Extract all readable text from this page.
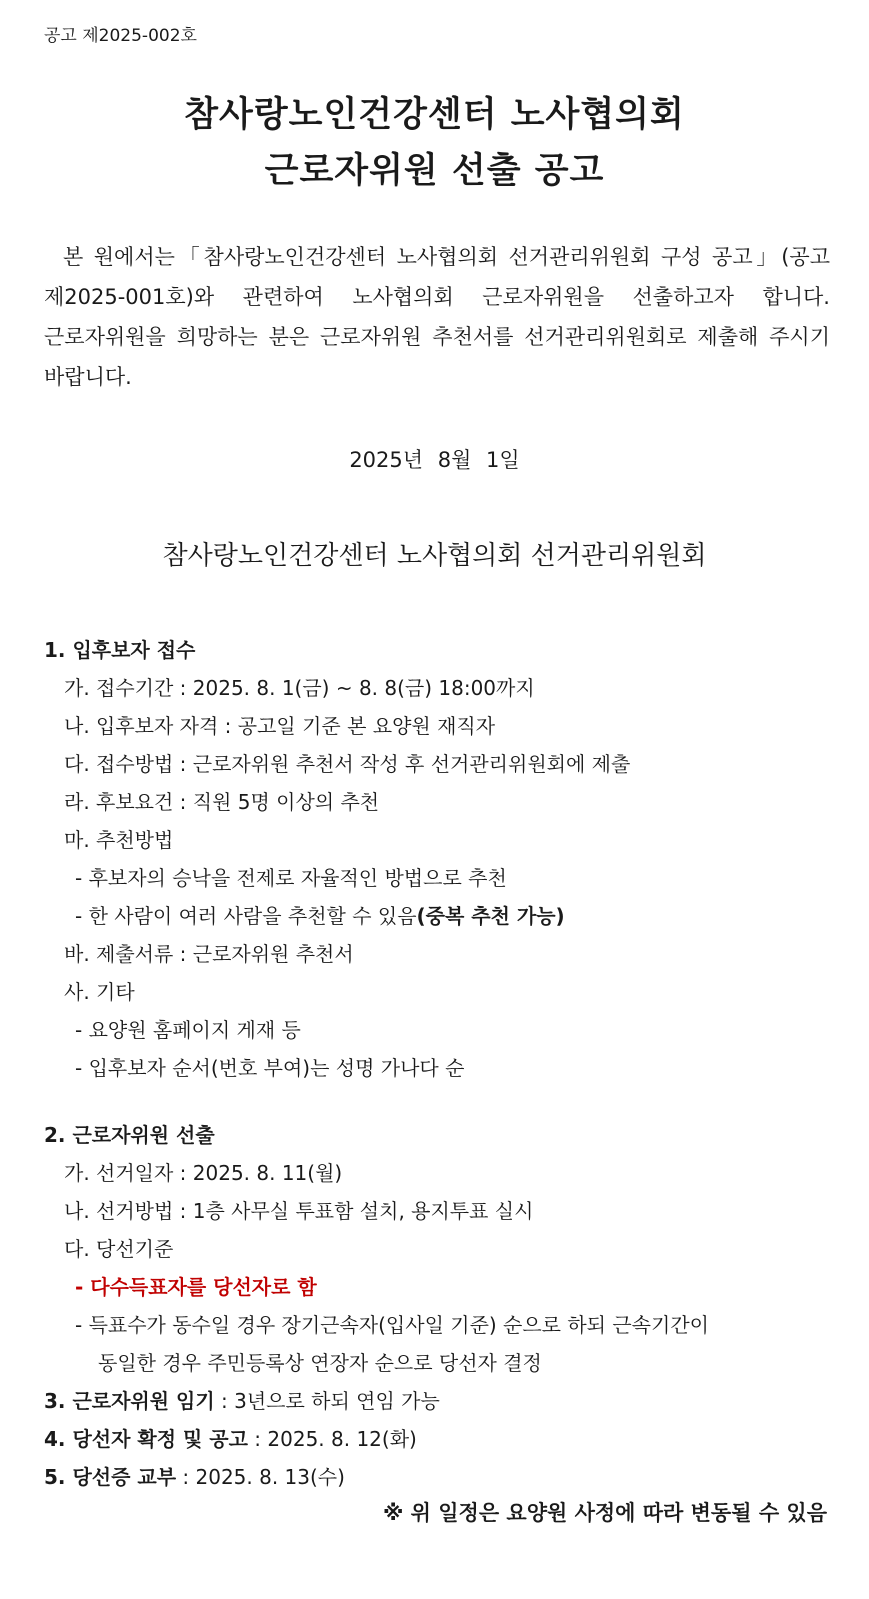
공고 제2025-002호
참사랑노인건강센터 노사협의회
근로자위원 선출 공고
본 원에서는「참사랑노인건강센터 노사협의회 선거관리위원회 구성 공고」(공고 제2025-001호)와 관련하여 노사협의회 근로자위원을 선출하고자 합니다. 근로자위원을 희망하는 분은 근로자위원 추천서를 선거관리위원회로 제출해 주시기 바랍니다.
2025년 8월 1일
참사랑노인건강센터 노사협의회 선거관리위원회
1. 입후보자 접수
가. 접수기간 : 2025. 8. 1(금) ~ 8. 8(금) 18:00까지
나. 입후보자 자격 : 공고일 기준 본 요양원 재직자
다. 접수방법 : 근로자위원 추천서 작성 후 선거관리위원회에 제출
라. 후보요건 : 직원 5명 이상의 추천
마. 추천방법
- 후보자의 승낙을 전제로 자율적인 방법으로 추천
- 한 사람이 여러 사람을 추천할 수 있음(중복 추천 가능)
바. 제출서류 : 근로자위원 추천서
사. 기타
- 요양원 홈페이지 게재 등
- 입후보자 순서(번호 부여)는 성명 가나다 순
2. 근로자위원 선출
가. 선거일자 : 2025. 8. 11(월)
나. 선거방법 : 1층 사무실 투표함 설치, 용지투표 실시
다. 당선기준
- 다수득표자를 당선자로 함
- 득표수가 동수일 경우 장기근속자(입사일 기준) 순으로 하되 근속기간이
동일한 경우 주민등록상 연장자 순으로 당선자 결정
3. 근로자위원 임기 : 3년으로 하되 연임 가능
4. 당선자 확정 및 공고 : 2025. 8. 12(화)
5. 당선증 교부 : 2025. 8. 13(수)
※ 위 일정은 요양원 사정에 따라 변동될 수 있음
